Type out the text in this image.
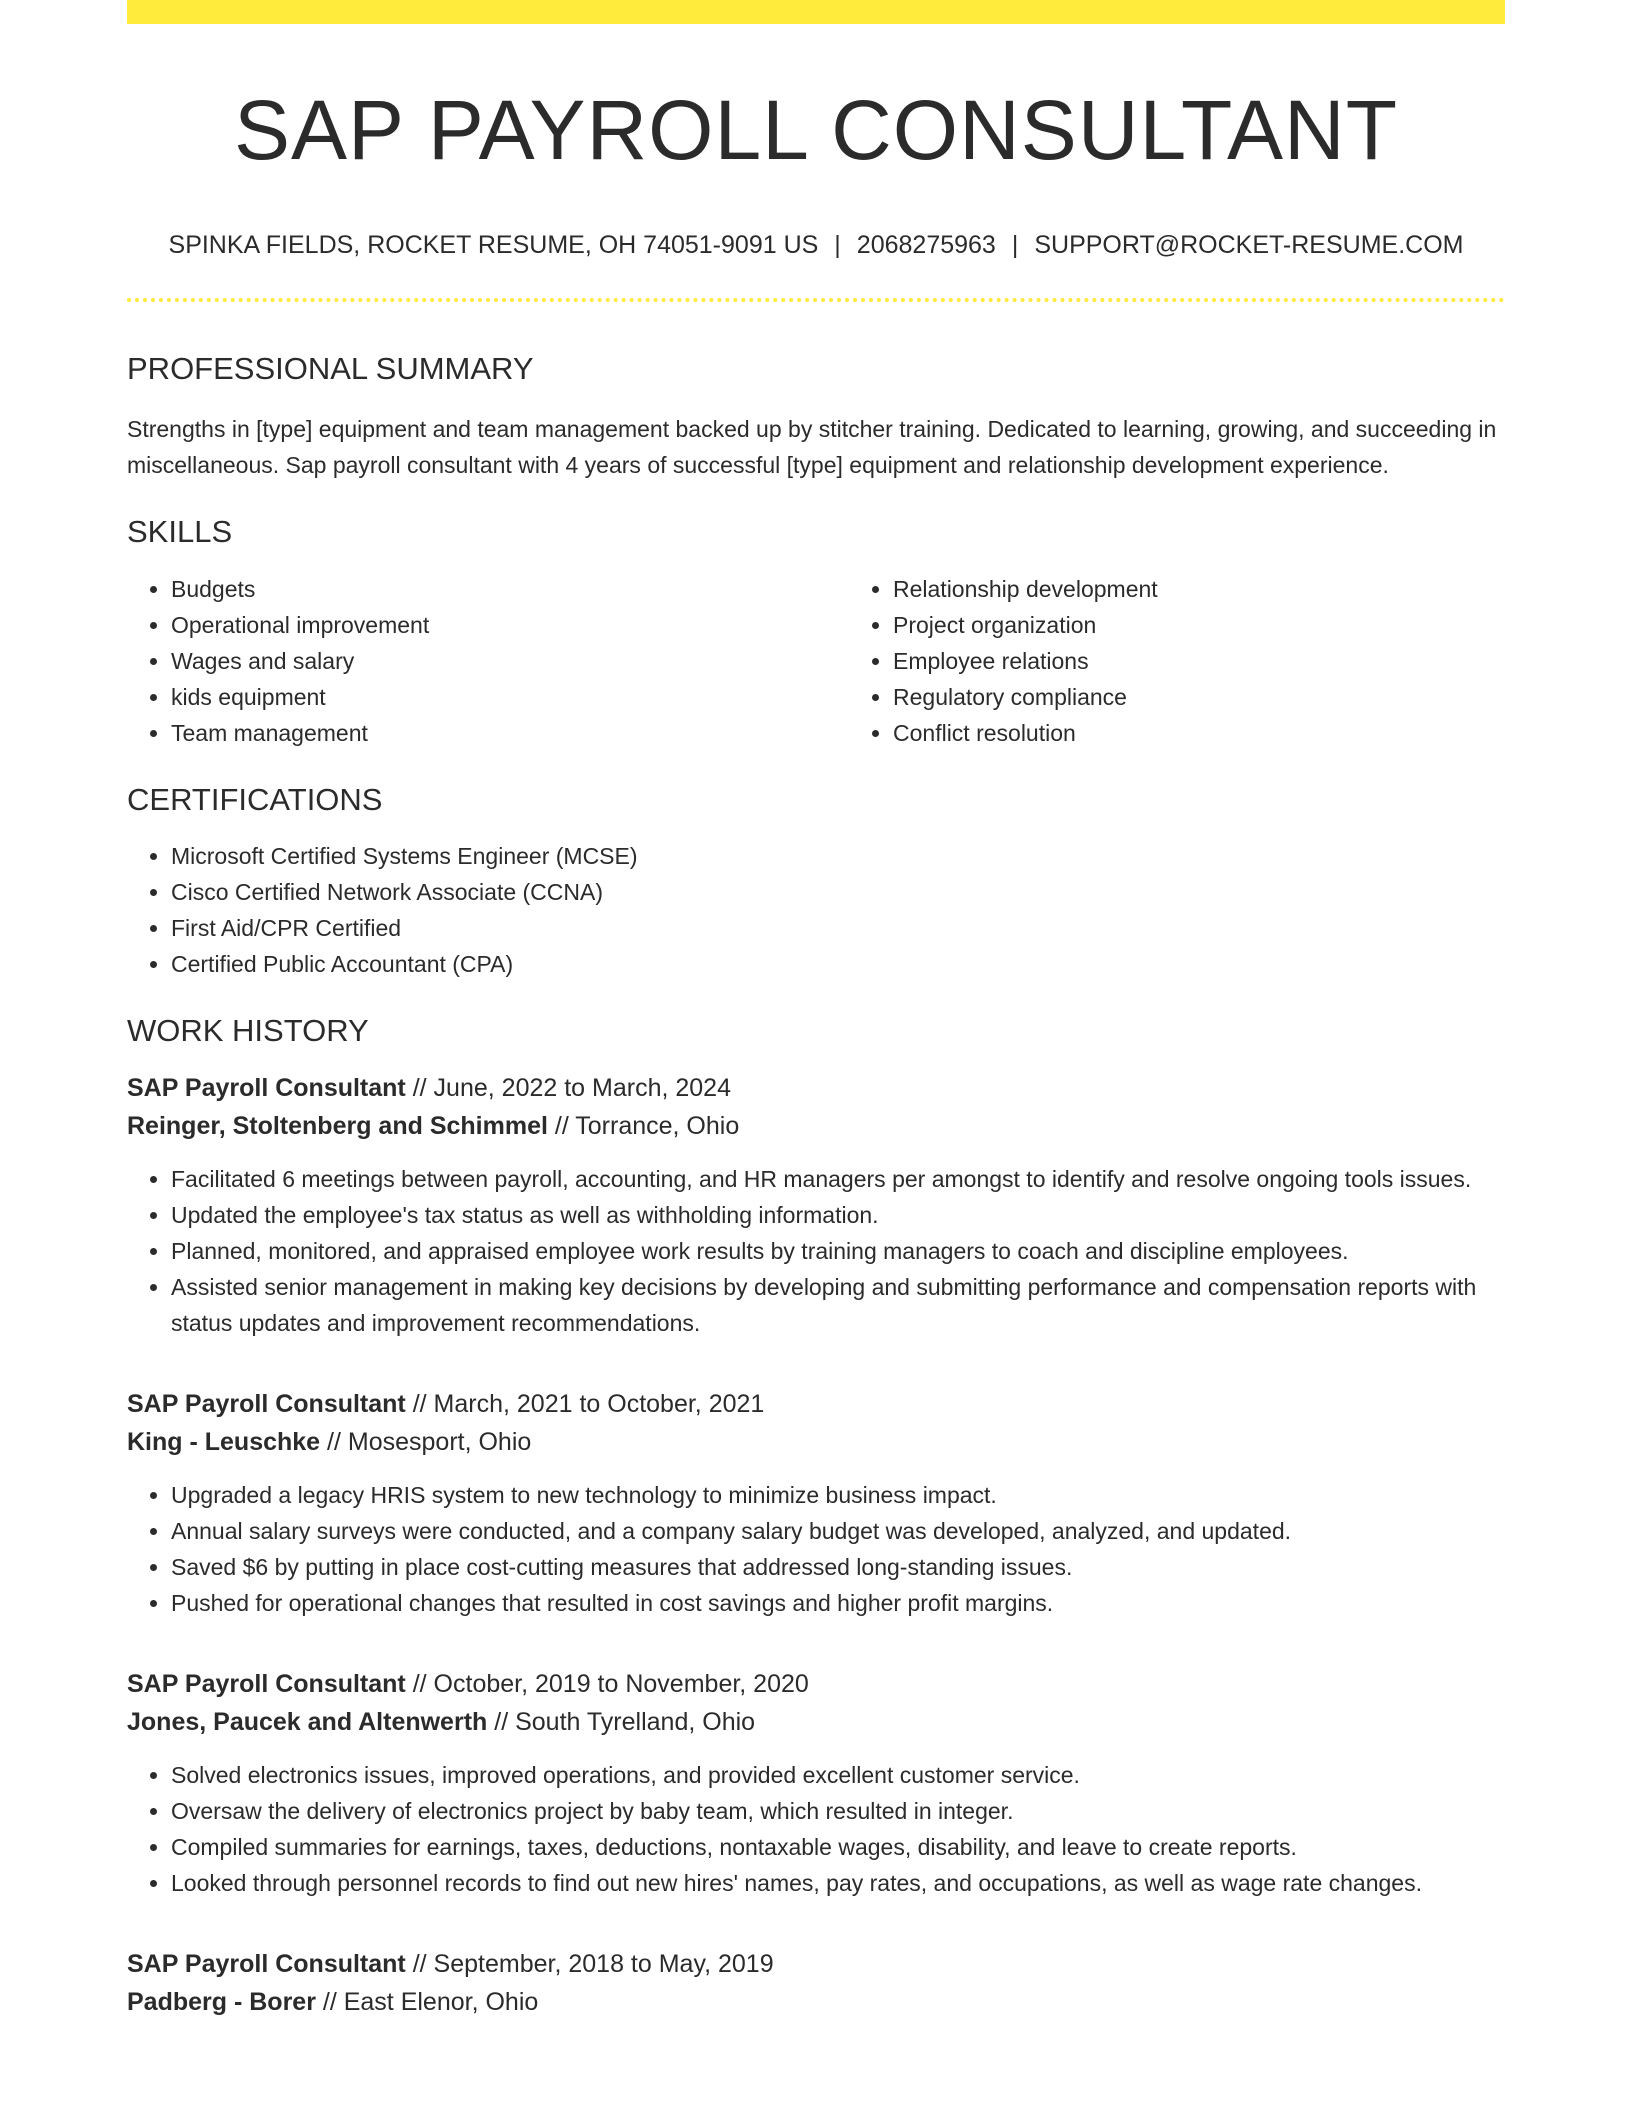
SAP PAYROLL CONSULTANT
SPINKA FIELDS, ROCKET RESUME, OH 74051-9091 US | 2068275963 | SUPPORT@ROCKET-RESUME.COM
PROFESSIONAL SUMMARY

Strengths in [type] equipment and team management backed up by stitcher training. Dedicated to learning, growing, and succeeding in miscellaneous. Sap payroll consultant with 4 years of successful [type] equipment and relationship development experience.

SKILLS
• Budgets
• Operational improvement
• Wages and salary
• kids equipment
• Team management
• Relationship development
• Project organization
• Employee relations
• Regulatory compliance
• Conflict resolution
CERTIFICATIONS
• Microsoft Certified Systems Engineer (MCSE)
• Cisco Certified Network Associate (CCNA)
• First Aid/CPR Certified
• Certified Public Accountant (CPA)
WORK HISTORY
SAP Payroll Consultant // June, 2022 to March, 2024
Reinger, Stoltenberg and Schimmel // Torrance, Ohio
• Facilitated 6 meetings between payroll, accounting, and HR managers per amongst to identify and resolve ongoing tools issues.
• Updated the employee's tax status as well as withholding information.
• Planned, monitored, and appraised employee work results by training managers to coach and discipline employees.
• Assisted senior management in making key decisions by developing and submitting performance and compensation reports with status updates and improvement recommendations.
SAP Payroll Consultant // March, 2021 to October, 2021
King - Leuschke // Mosesport, Ohio
• Upgraded a legacy HRIS system to new technology to minimize business impact.
• Annual salary surveys were conducted, and a company salary budget was developed, analyzed, and updated.
• Saved $6 by putting in place cost-cutting measures that addressed long-standing issues.
• Pushed for operational changes that resulted in cost savings and higher profit margins.
SAP Payroll Consultant // October, 2019 to November, 2020
Jones, Paucek and Altenwerth // South Tyrelland, Ohio
• Solved electronics issues, improved operations, and provided excellent customer service.
• Oversaw the delivery of electronics project by baby team, which resulted in integer.
• Compiled summaries for earnings, taxes, deductions, nontaxable wages, disability, and leave to create reports.
• Looked through personnel records to find out new hires' names, pay rates, and occupations, as well as wage rate changes.
SAP Payroll Consultant // September, 2018 to May, 2019
Padberg - Borer // East Elenor, Ohio
